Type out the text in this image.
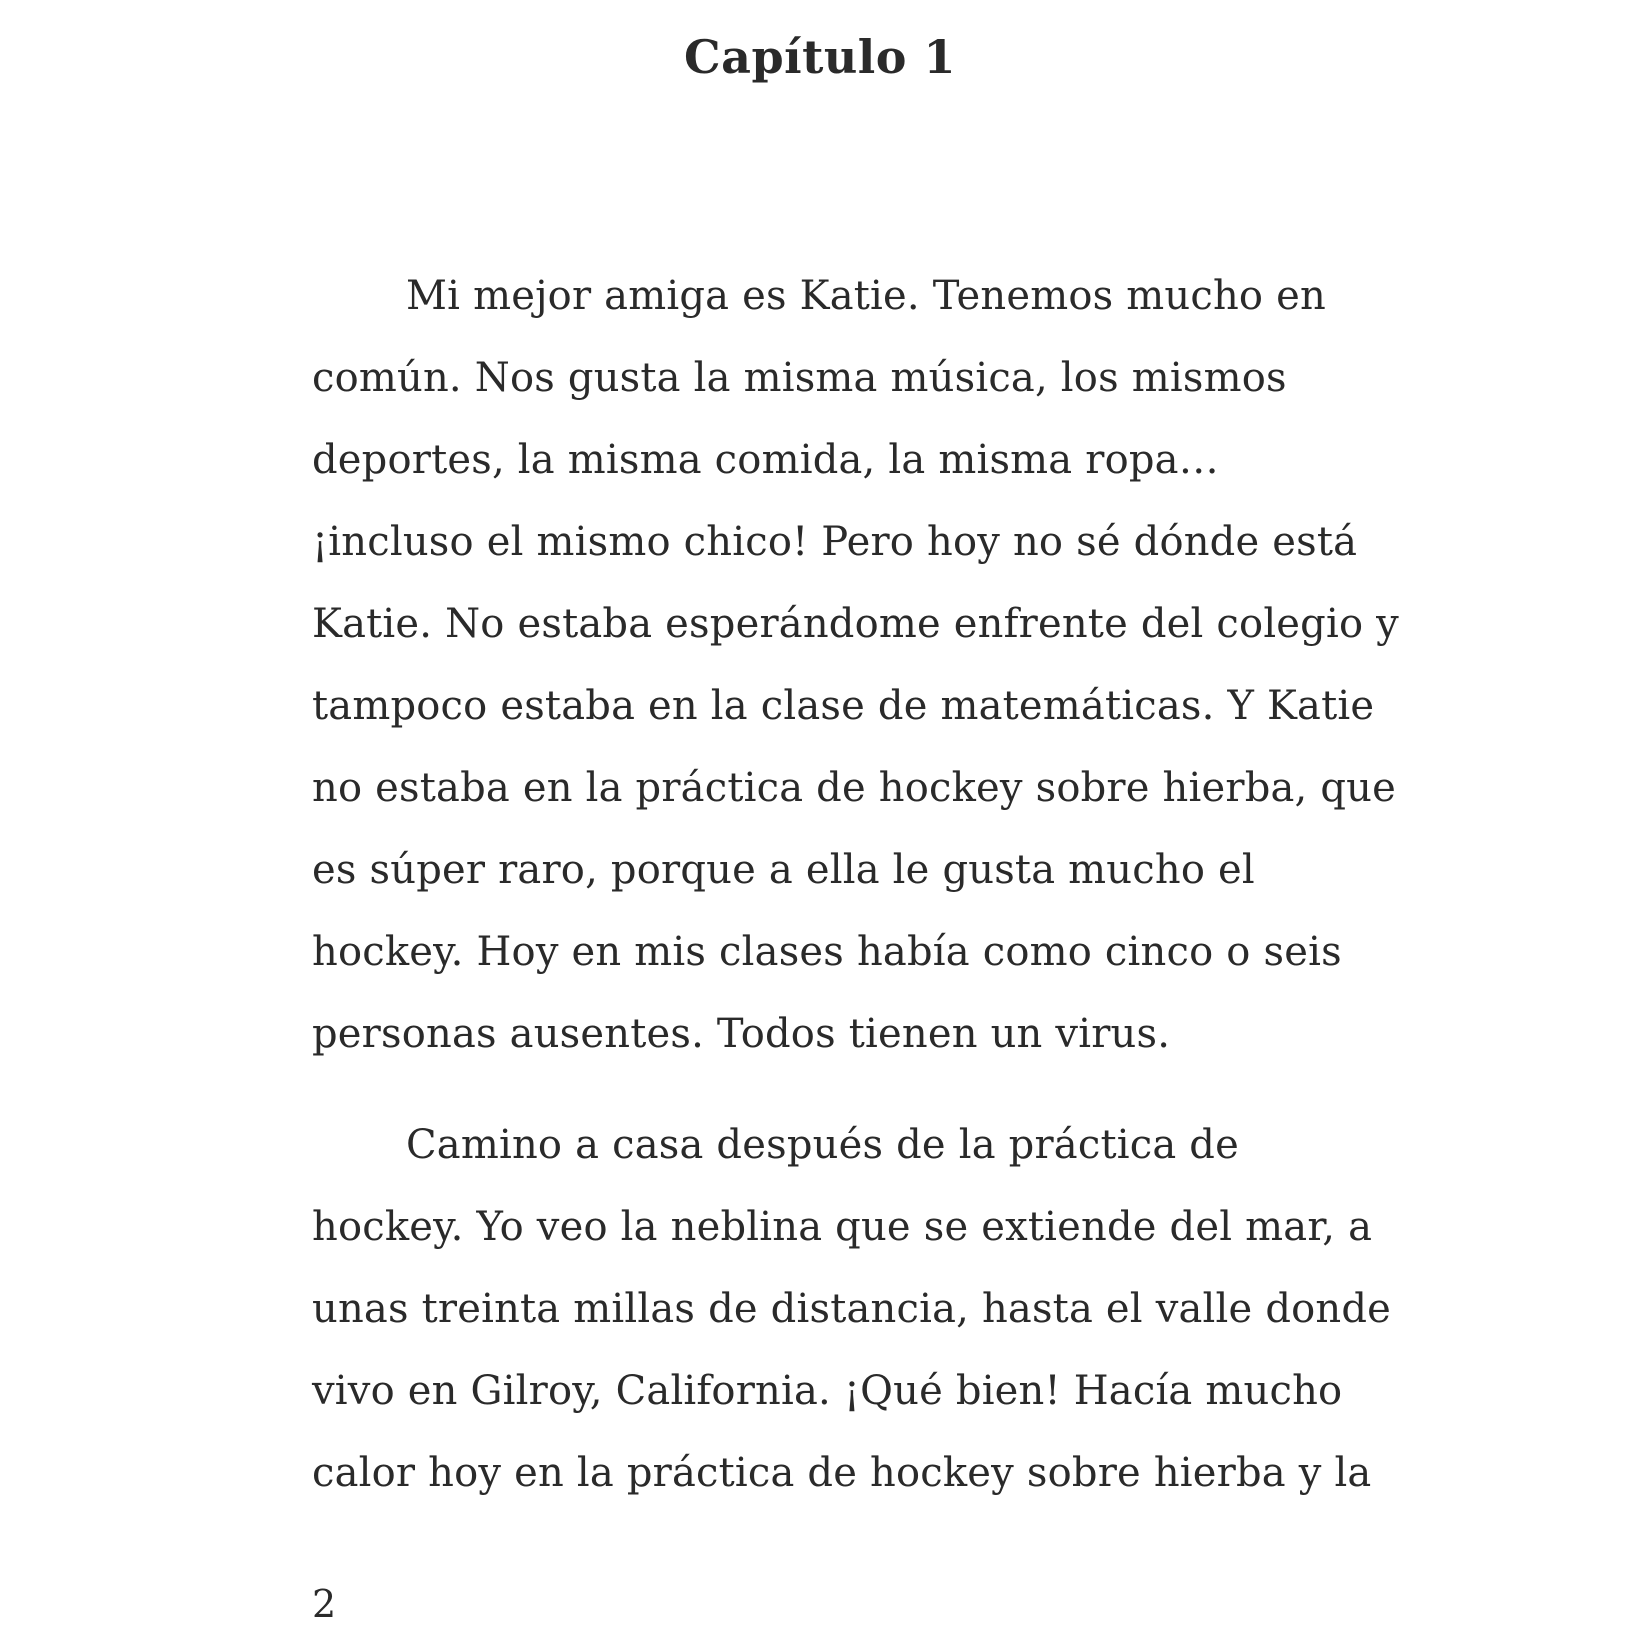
Capítulo 1

Mi mejor amiga es Katie. Tenemos mucho en
común. Nos gusta la misma música, los mismos
deportes, la misma comida, la misma ropa…
¡incluso el mismo chico! Pero hoy no sé dónde está
Katie. No estaba esperándome enfrente del colegio y
tampoco estaba en la clase de matemáticas. Y Katie
no estaba en la práctica de hockey sobre hierba, que
es súper raro, porque a ella le gusta mucho el
hockey. Hoy en mis clases había como cinco o seis
personas ausentes. Todos tienen un virus.

Camino a casa después de la práctica de
hockey. Yo veo la neblina que se extiende del mar, a
unas treinta millas de distancia, hasta el valle donde
vivo en Gilroy, California. ¡Qué bien! Hacía mucho
calor hoy en la práctica de hockey sobre hierba y la

2
